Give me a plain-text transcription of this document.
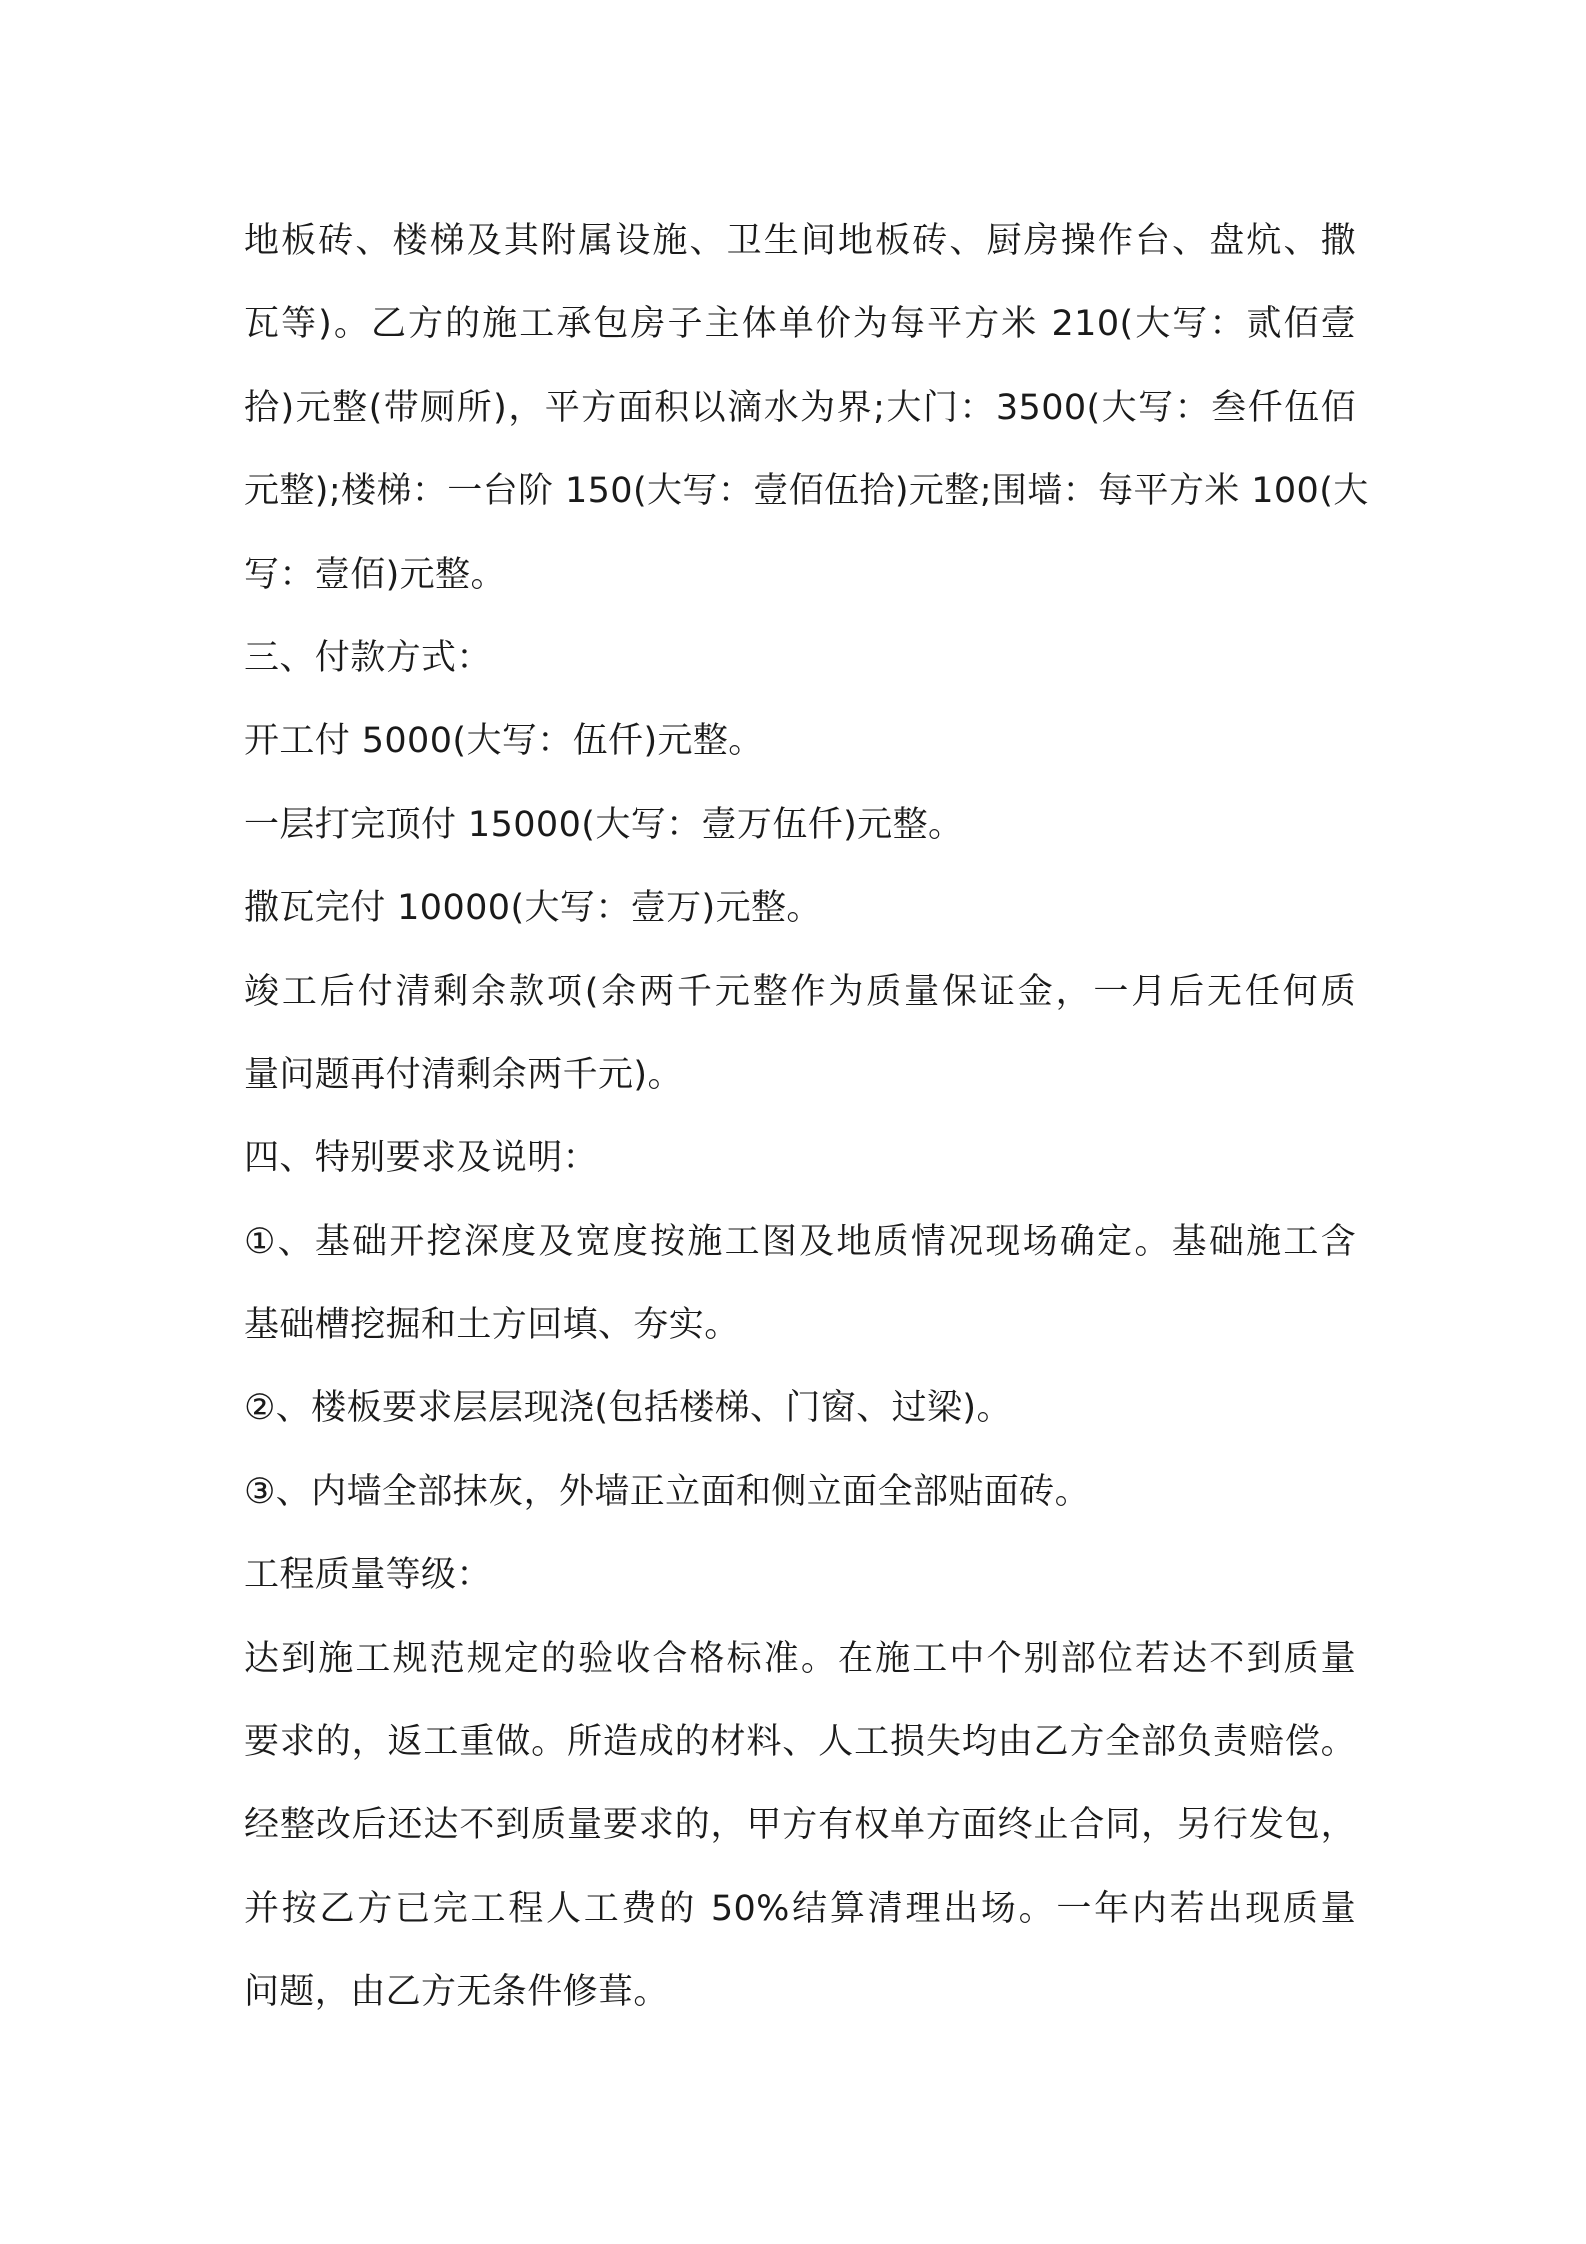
地板砖、楼梯及其附属设施、卫生间地板砖、厨房操作台、盘炕、撒
瓦等)。乙方的施工承包房子主体单价为每平方米 210(大写：贰佰壹
拾)元整(带厕所)，平方面积以滴水为界;大门：3500(大写：叁仟伍佰
元整);楼梯：一台阶 150(大写：壹佰伍拾)元整;围墙：每平方米 100(大
写：壹佰)元整。
三、付款方式：
开工付 5000(大写：伍仟)元整。
一层打完顶付 15000(大写：壹万伍仟)元整。
撒瓦完付 10000(大写：壹万)元整。
竣工后付清剩余款项(余两千元整作为质量保证金，一月后无任何质
量问题再付清剩余两千元)。
四、特别要求及说明：
①、基础开挖深度及宽度按施工图及地质情况现场确定。基础施工含
基础槽挖掘和土方回填、夯实。
②、楼板要求层层现浇(包括楼梯、门窗、过梁)。
③、内墙全部抹灰，外墙正立面和侧立面全部贴面砖。
工程质量等级：
达到施工规范规定的验收合格标准。在施工中个别部位若达不到质量
要求的，返工重做。所造成的材料、人工损失均由乙方全部负责赔偿。
经整改后还达不到质量要求的，甲方有权单方面终止合同，另行发包，
并按乙方已完工程人工费的 50%结算清理出场。一年内若出现质量
问题，由乙方无条件修葺。
